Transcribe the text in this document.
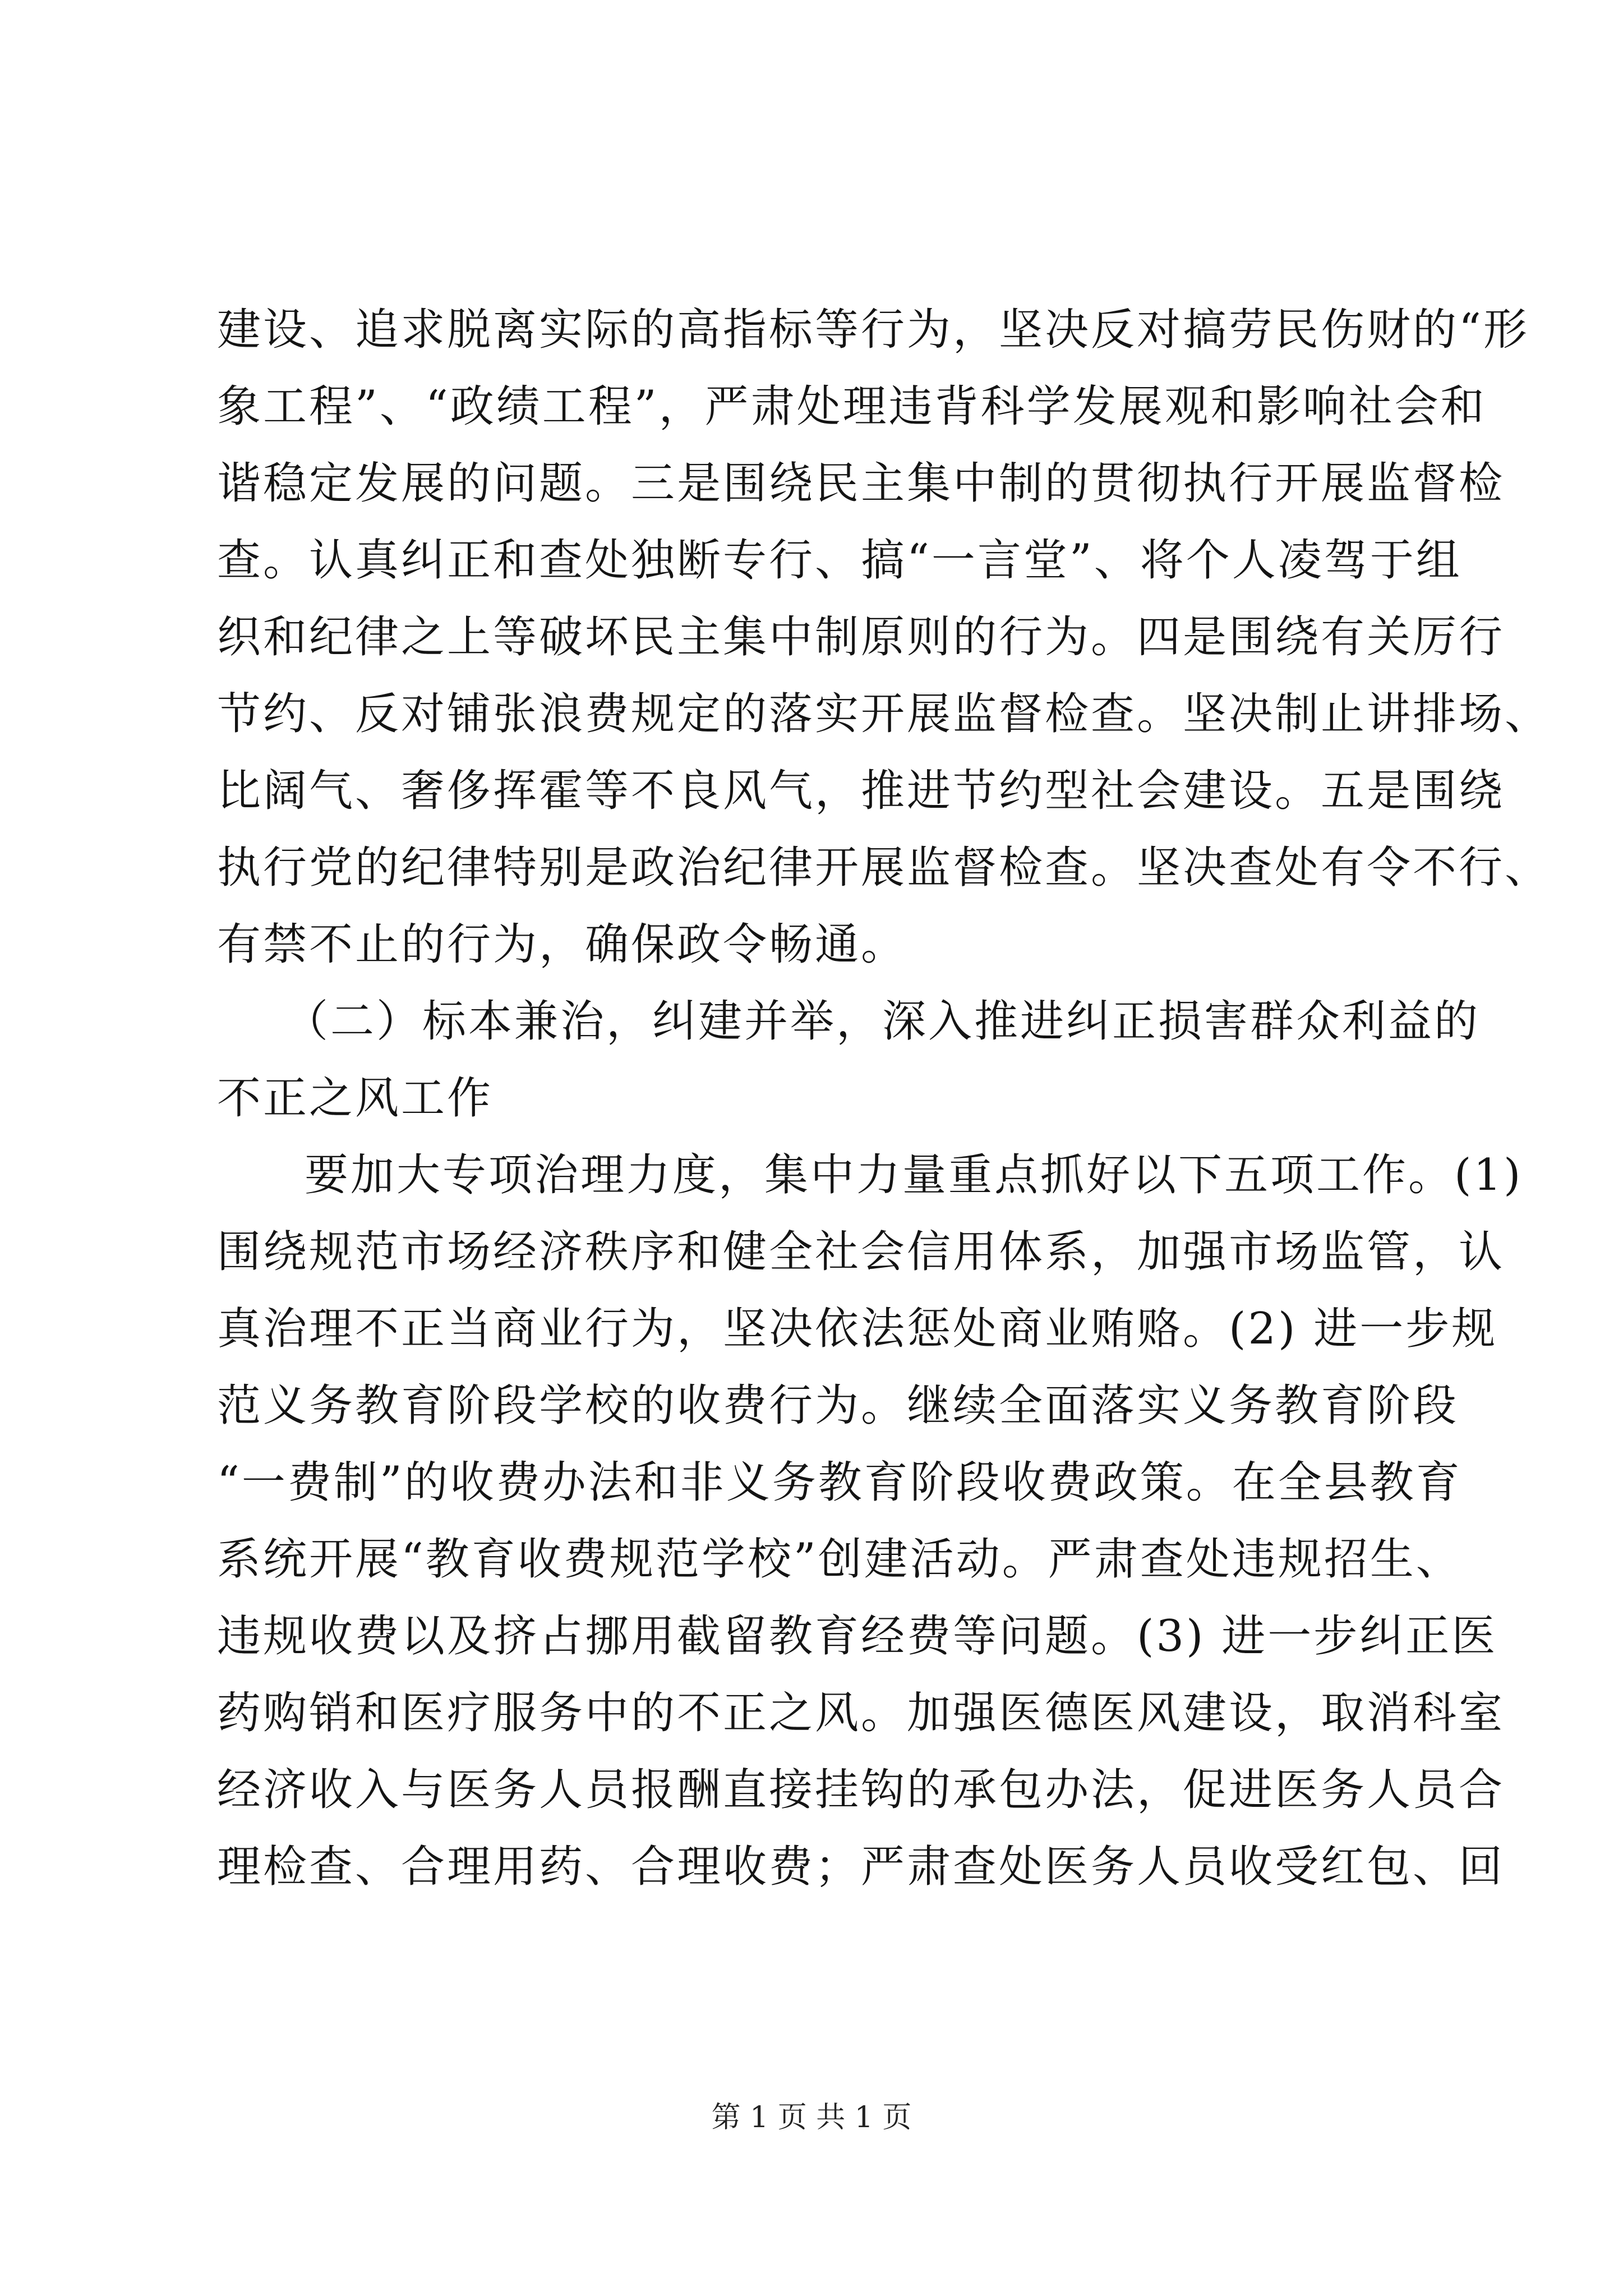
建设、追求脱离实际的高指标等行为，坚决反对搞劳民伤财的“形
象工程”、“政绩工程”，严肃处理违背科学发展观和影响社会和
谐稳定发展的问题。三是围绕民主集中制的贯彻执行开展监督检
查。认真纠正和查处独断专行、搞“一言堂”、将个人凌驾于组
织和纪律之上等破坏民主集中制原则的行为。四是围绕有关厉行
节约、反对铺张浪费规定的落实开展监督检查。坚决制止讲排场、
比阔气、奢侈挥霍等不良风气，推进节约型社会建设。五是围绕
执行党的纪律特别是政治纪律开展监督检查。坚决查处有令不行、
有禁不止的行为，确保政令畅通。
（二）标本兼治，纠建并举，深入推进纠正损害群众利益的
不正之风工作
要加大专项治理力度，集中力量重点抓好以下五项工作。(1)
围绕规范市场经济秩序和健全社会信用体系，加强市场监管，认
真治理不正当商业行为，坚决依法惩处商业贿赂。(2) 进一步规
范义务教育阶段学校的收费行为。继续全面落实义务教育阶段
“一费制”的收费办法和非义务教育阶段收费政策。在全县教育
系统开展“教育收费规范学校”创建活动。严肃查处违规招生、
违规收费以及挤占挪用截留教育经费等问题。(3) 进一步纠正医
药购销和医疗服务中的不正之风。加强医德医风建设，取消科室
经济收入与医务人员报酬直接挂钩的承包办法，促进医务人员合
理检查、合理用药、合理收费；严肃查处医务人员收受红包、回
第 1 页 共 1 页
